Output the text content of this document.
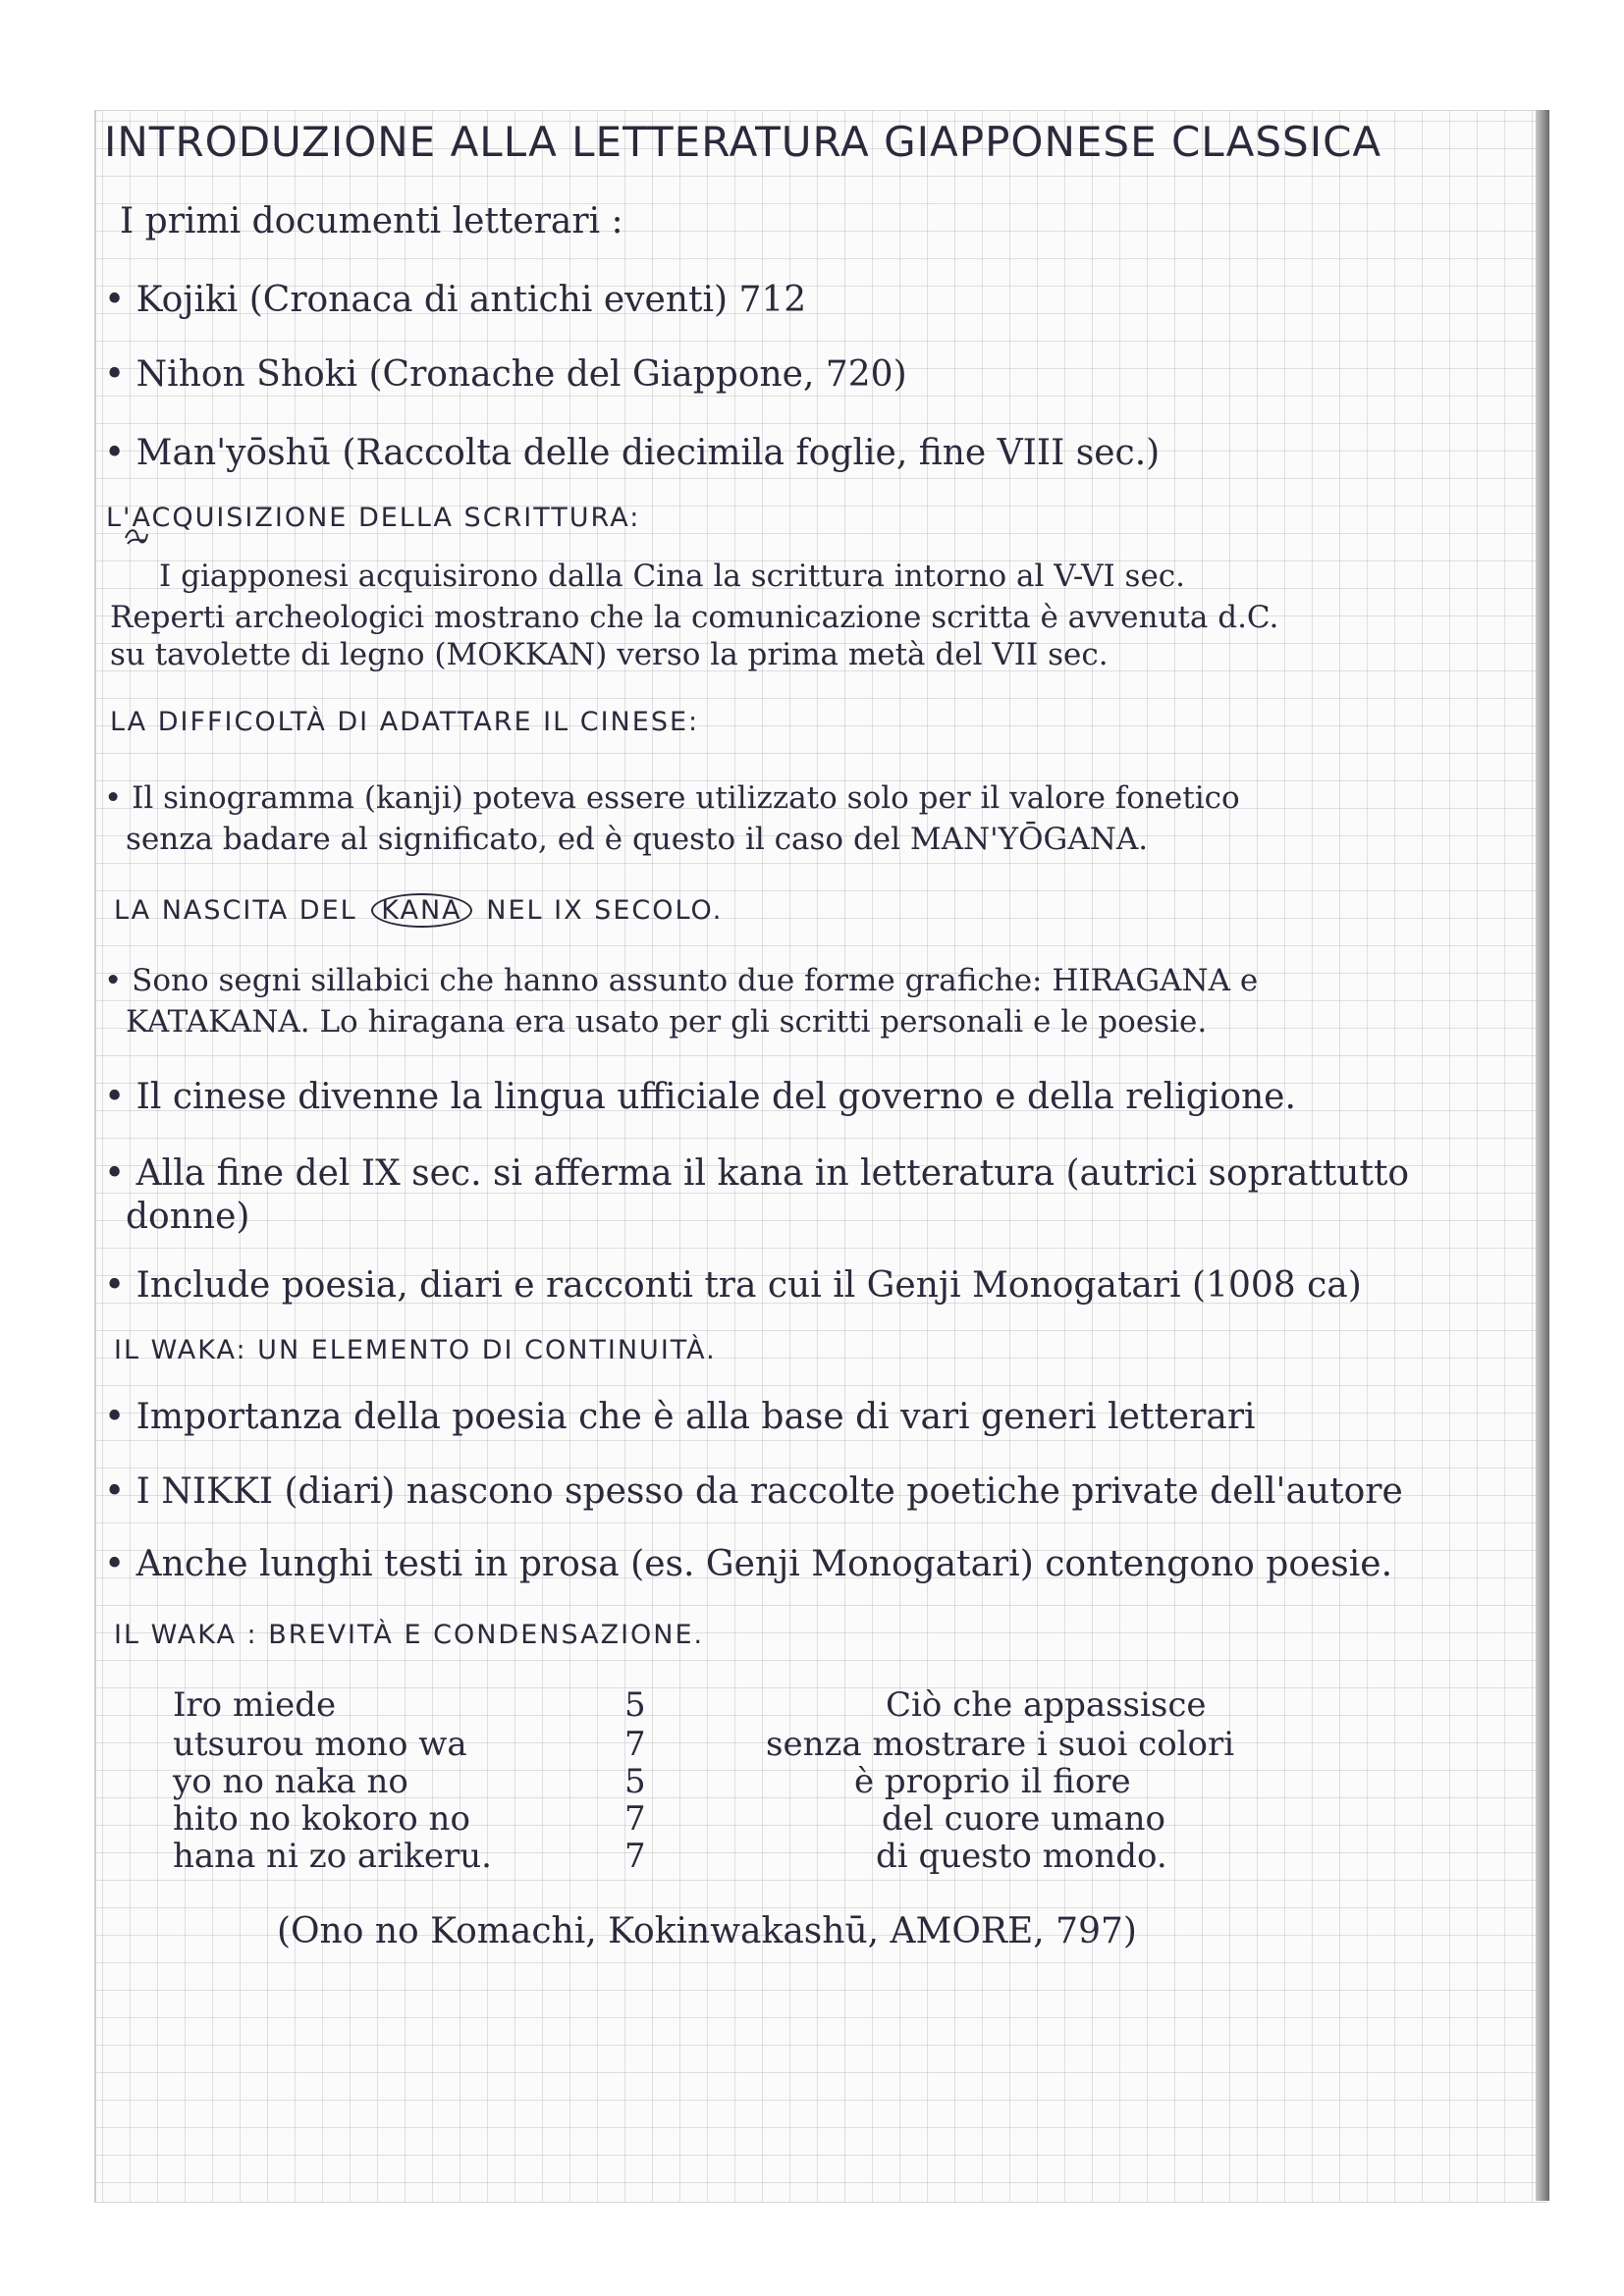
INTRODUZIONE ALLA LETTERATURA GIAPPONESE CLASSICA
I primi documenti letterari :
• Kojiki (Cronaca di antichi eventi) 712
• Nihon Shoki (Cronache del Giappone, 720)
• Man'yōshū (Raccolta delle diecimila foglie, fine VIII sec.)
L'ACQUISIZIONE DELLA SCRITTURA:
I giapponesi acquisirono dalla Cina la scrittura intorno al V-VI sec.
Reperti archeologici mostrano che la comunicazione scritta è avvenuta d.C.
su tavolette di legno (MOKKAN) verso la prima metà del VII sec.
LA DIFFICOLTÀ DI ADATTARE IL CINESE:
• Il sinogramma (kanji) poteva essere utilizzato solo per il valore fonetico
senza badare al significato, ed è questo il caso del MAN'YŌGANA.
LA NASCITA DEL KANA NEL IX SECOLO.
• Sono segni sillabici che hanno assunto due forme grafiche: HIRAGANA e
KATAKANA. Lo hiragana era usato per gli scritti personali e le poesie.
• Il cinese divenne la lingua ufficiale del governo e della religione.
• Alla fine del IX sec. si afferma il kana in letteratura (autrici soprattutto
donne)
• Include poesia, diari e racconti tra cui il Genji Monogatari (1008 ca)
IL WAKA: UN ELEMENTO DI CONTINUITÀ.
• Importanza della poesia che è alla base di vari generi letterari
• I NIKKI (diari) nascono spesso da raccolte poetiche private dell'autore
• Anche lunghi testi in prosa (es. Genji Monogatari) contengono poesie.
IL WAKA : BREVITÀ E CONDENSAZIONE.
Iro miede	5	Ciò che appassisce
utsurou mono wa	7	senza mostrare i suoi colori
yo no naka no	5	è proprio il fiore
hito no kokoro no	7	del cuore umano
hana ni zo arikeru.	7	di questo mondo.
(Ono no Komachi, Kokinwakashū, AMORE, 797)
